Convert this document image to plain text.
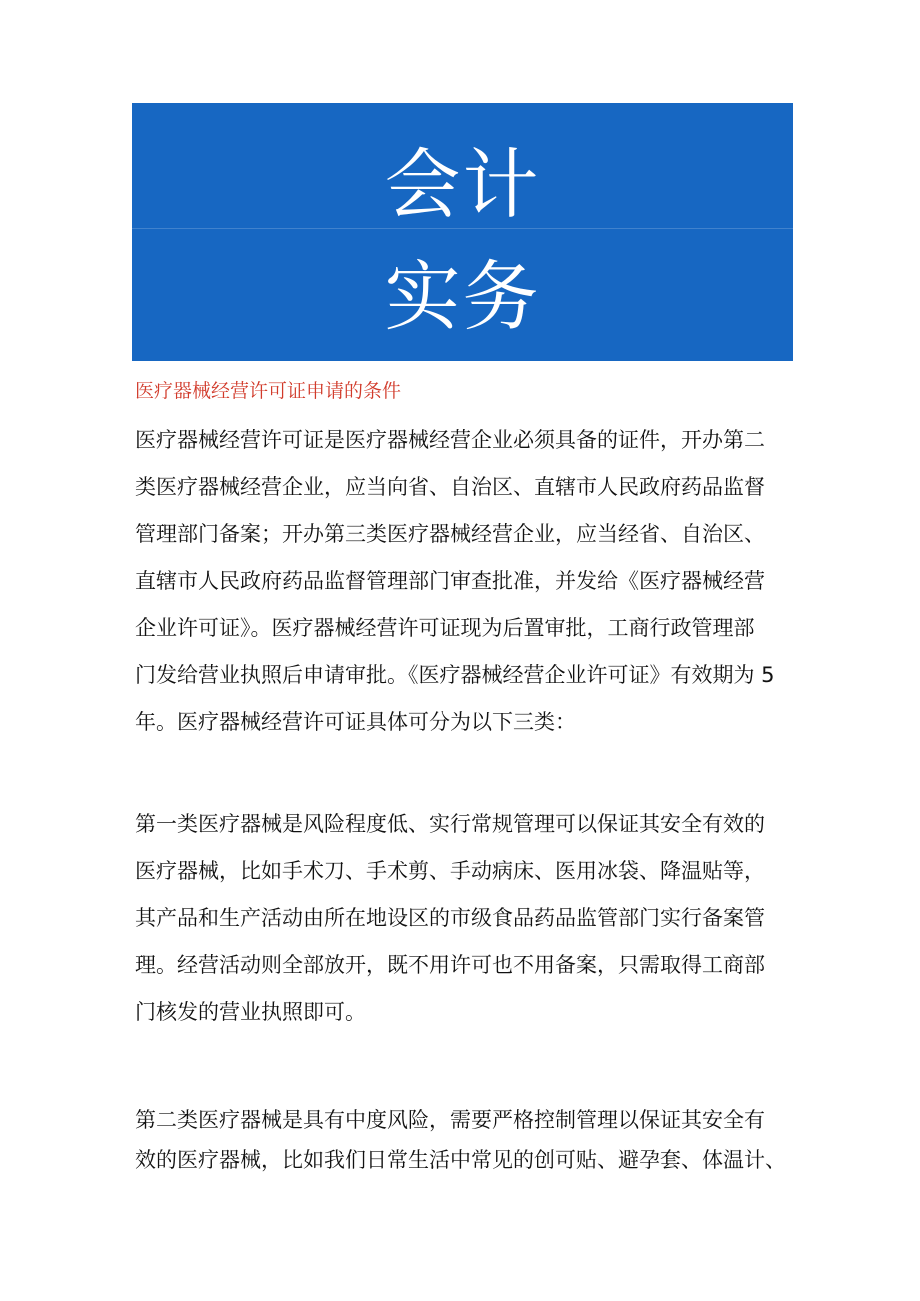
会计
实务
医疗器械经营许可证申请的条件
医疗器械经营许可证是医疗器械经营企业必须具备的证件，开办第二
类医疗器械经营企业，应当向省、自治区、直辖市人民政府药品监督
管理部门备案；开办第三类医疗器械经营企业，应当经省、自治区、
直辖市人民政府药品监督管理部门审查批准，并发给《医疗器械经营
企业许可证》。医疗器械经营许可证现为后置审批，工商行政管理部
门发给营业执照后申请审批。《医疗器械经营企业许可证》有效期为 5
年。医疗器械经营许可证具体可分为以下三类：
第一类医疗器械是风险程度低、实行常规管理可以保证其安全有效的
医疗器械，比如手术刀、手术剪、手动病床、医用冰袋、降温贴等，
其产品和生产活动由所在地设区的市级食品药品监管部门实行备案管
理。经营活动则全部放开，既不用许可也不用备案，只需取得工商部
门核发的营业执照即可。
第二类医疗器械是具有中度风险，需要严格控制管理以保证其安全有
效的医疗器械，比如我们日常生活中常见的创可贴、避孕套、体温计、
